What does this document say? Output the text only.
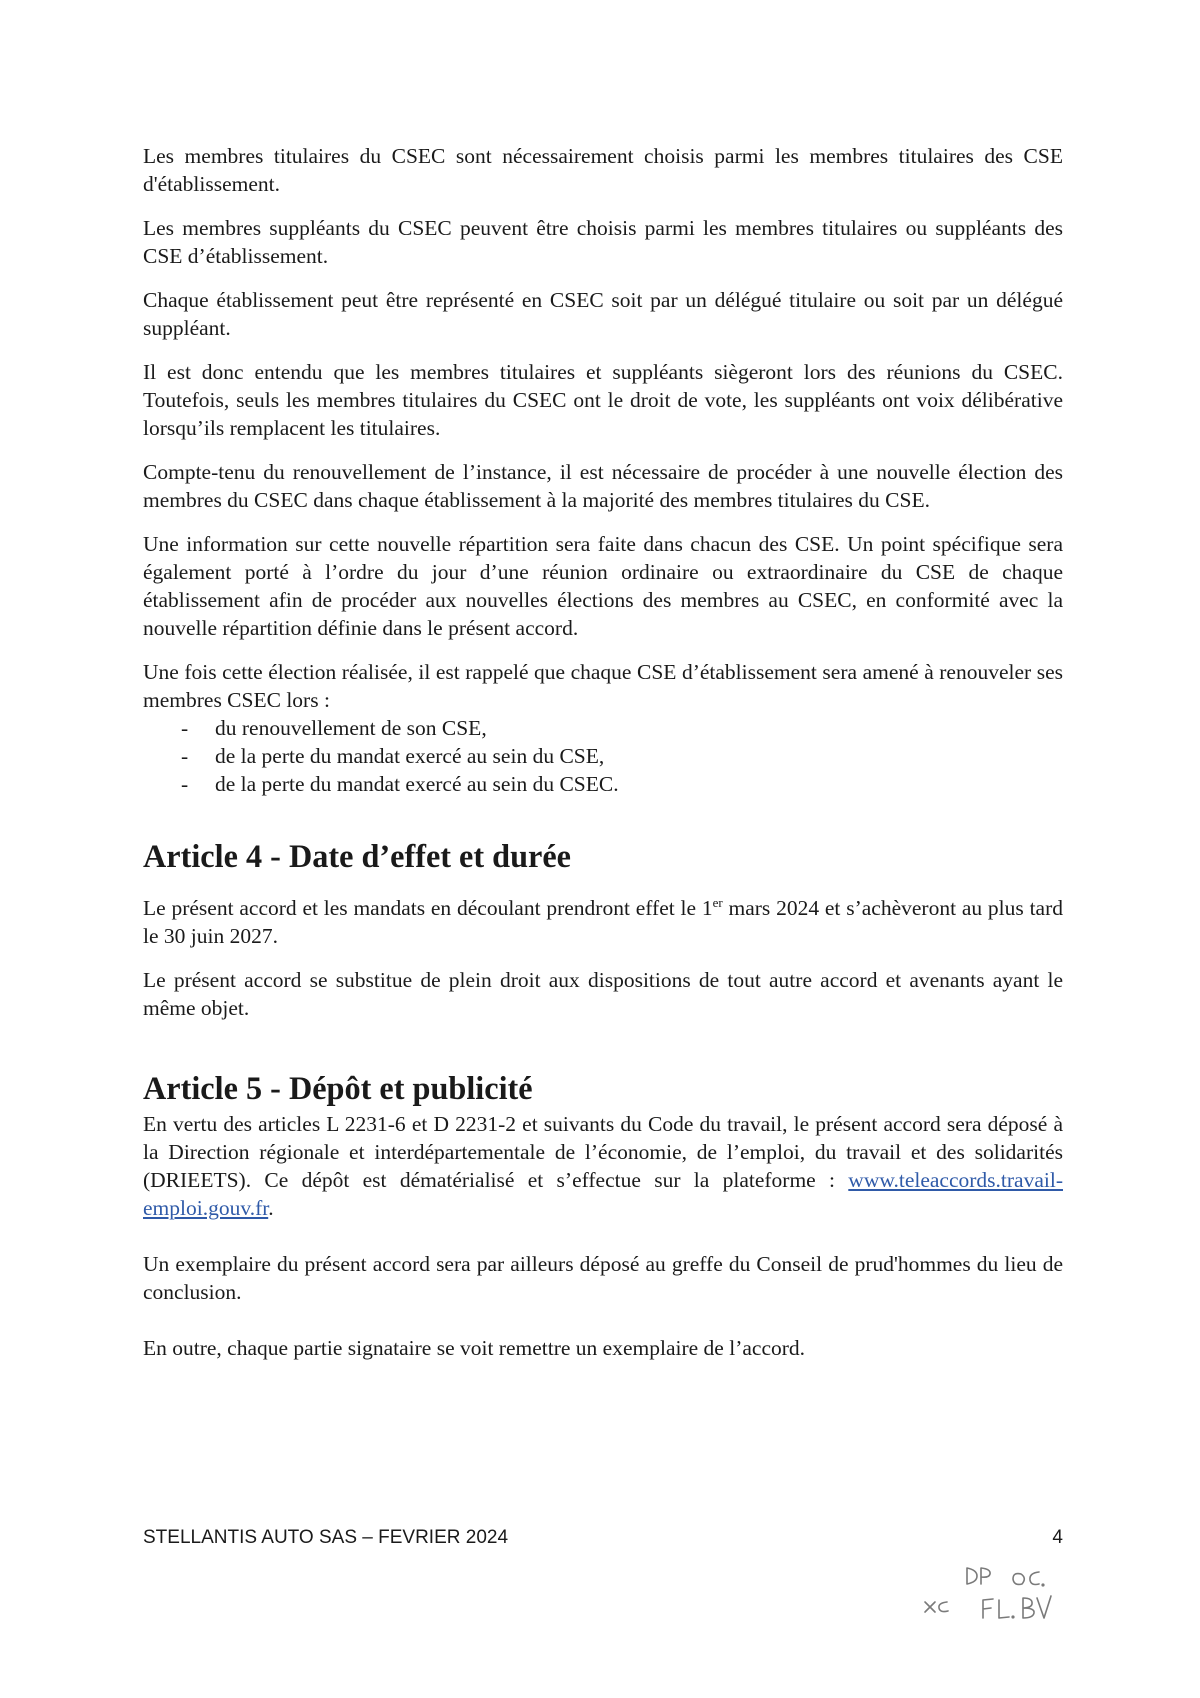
Les membres titulaires du CSEC sont nécessairement choisis parmi les membres titulaires des CSE d'établissement.

Les membres suppléants du CSEC peuvent être choisis parmi les membres titulaires ou suppléants des CSE d’établissement.

Chaque établissement peut être représenté en CSEC soit par un délégué titulaire ou soit par un délégué suppléant.

Il est donc entendu que les membres titulaires et suppléants siègeront lors des réunions du CSEC. Toutefois, seuls les membres titulaires du CSEC ont le droit de vote, les suppléants ont voix délibérative lorsqu’ils remplacent les titulaires.

Compte-tenu du renouvellement de l’instance, il est nécessaire de procéder à une nouvelle élection des membres du CSEC dans chaque établissement à la majorité des membres titulaires du CSE.

Une information sur cette nouvelle répartition sera faite dans chacun des CSE. Un point spécifique sera également porté à l’ordre du jour d’une réunion ordinaire ou extraordinaire du CSE de chaque établissement afin de procéder aux nouvelles élections des membres au CSEC, en conformité avec la nouvelle répartition définie dans le présent accord.

Une fois cette élection réalisée, il est rappelé que chaque CSE d’établissement sera amené à renouveler ses membres CSEC lors :

- du renouvellement de son CSE,
- de la perte du mandat exercé au sein du CSE,
- de la perte du mandat exercé au sein du CSEC.
Article 4 - Date d’effet et durée

Le présent accord et les mandats en découlant prendront effet le 1er mars 2024 et s’achèveront au plus tard le 30 juin 2027.

Le présent accord se substitue de plein droit aux dispositions de tout autre accord et avenants ayant le même objet.

Article 5 - Dépôt et publicité

En vertu des articles L 2231-6 et D 2231-2 et suivants du Code du travail, le présent accord sera déposé à la Direction régionale et interdépartementale de l’économie, de l’emploi, du travail et des solidarités (DRIEETS). Ce dépôt est dématérialisé et s’effectue sur la plateforme : www.teleaccords.travail-emploi.gouv.fr.

Un exemplaire du présent accord sera par ailleurs déposé au greffe du Conseil de prud'hommes du lieu de conclusion.

En outre, chaque partie signataire se voit remettre un exemplaire de l’accord.

STELLANTIS AUTO SAS – FEVRIER 2024	4
